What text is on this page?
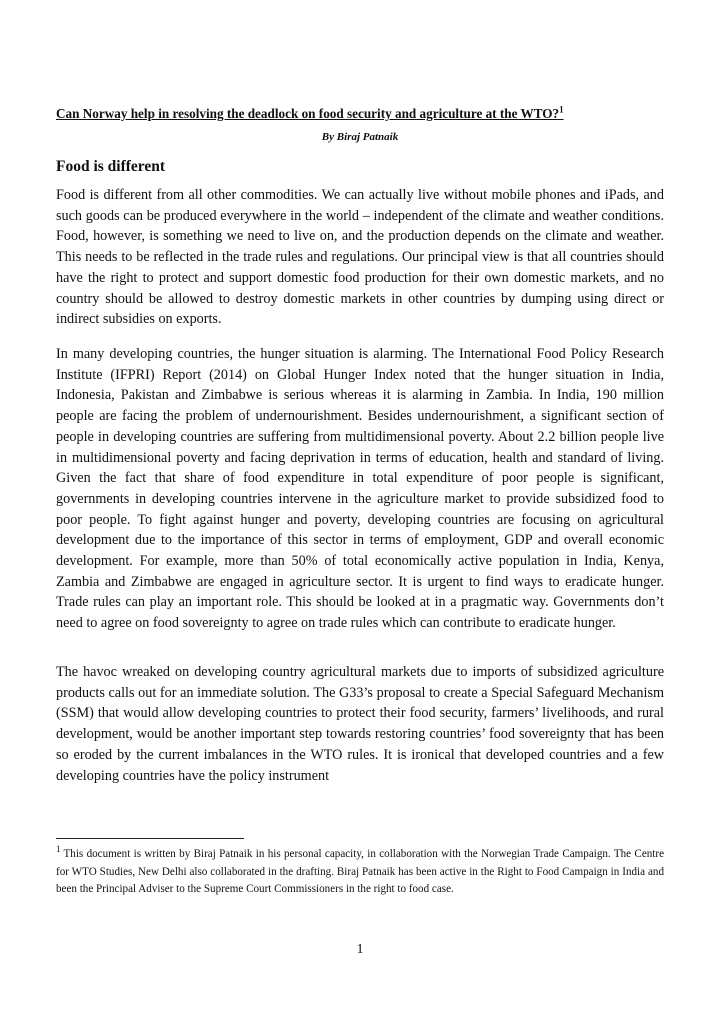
Can Norway help in resolving the deadlock on food security and agriculture at the WTO?$^1$

By Biraj Patnaik

Food is different

Food is different from all other commodities. We can actually live without mobile phones and iPads, and such goods can be produced everywhere in the world – independent of the climate and weather conditions. Food, however, is something we need to live on, and the production depends on the climate and weather. This needs to be reflected in the trade rules and regulations. Our principal view is that all countries should have the right to protect and support domestic food production for their own domestic markets, and no country should be allowed to destroy domestic markets in other countries by dumping using direct or indirect subsidies on exports.

In many developing countries, the hunger situation is alarming. The International Food Policy Research Institute (IFPRI) Report (2014) on Global Hunger Index noted that the hunger situation in India, Indonesia, Pakistan and Zimbabwe is serious whereas it is alarming in Zambia. In India, 190 million people are facing the problem of undernourishment. Besides undernourishment, a significant section of people in developing countries are suffering from multidimensional poverty. About 2.2 billion people live in multidimensional poverty and facing deprivation in terms of education, health and standard of living. Given the fact that share of food expenditure in total expenditure of poor people is significant, governments in developing countries intervene in the agriculture market to provide subsidized food to poor people. To fight against hunger and poverty, developing countries are focusing on agricultural development due to the importance of this sector in terms of employment, GDP and overall economic development. For example, more than 50% of total economically active population in India, Kenya, Zambia and Zimbabwe are engaged in agriculture sector. It is urgent to find ways to eradicate hunger. Trade rules can play an important role. This should be looked at in a pragmatic way. Governments don’t need to agree on food sovereignty to agree on trade rules which can contribute to eradicate hunger.

The havoc wreaked on developing country agricultural markets due to imports of subsidized agriculture products calls out for an immediate solution. The G33’s proposal to create a Special Safeguard Mechanism (SSM) that would allow developing countries to protect their food security, farmers’ livelihoods, and rural development, would be another important step towards restoring countries’ food sovereignty that has been so eroded by the current imbalances in the WTO rules. It is ironical that developed countries and a few developing countries have the policy instrument

$^1$ This document is written by Biraj Patnaik in his personal capacity, in collaboration with the Norwegian Trade Campaign. The Centre for WTO Studies, New Delhi also collaborated in the drafting. Biraj Patnaik has been active in the Right to Food Campaign in India and been the Principal Adviser to the Supreme Court Commissioners in the right to food case.

1
